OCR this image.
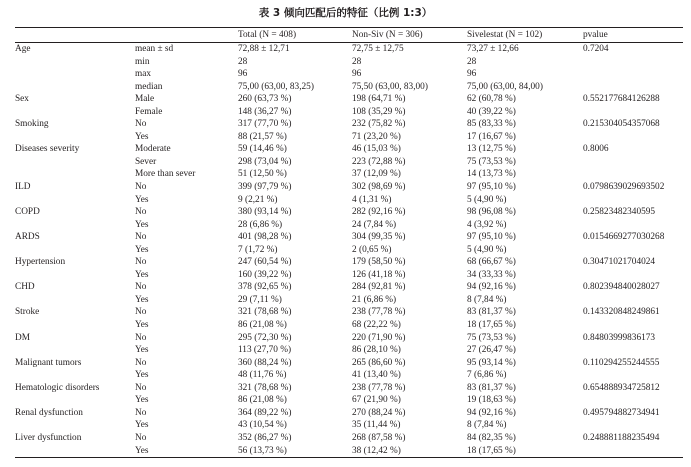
表 3 倾向匹配后的特征（比例 1:3）
		Total (N = 408)	Non-Siv (N = 306)	Sivelestat (N = 102)	pvalue
Age	mean ± sd	72,88 ± 12,71	72,75 ± 12,75	73,27 ± 12,66	0.7204
	min	28	28	28	
	max	96	96	96	
	median	75,00 (63,00, 83,25)	75,50 (63,00, 83,00)	75,00 (63,00, 84,00)	
Sex	Male	260 (63,73 %)	198 (64,71 %)	62 (60,78 %)	0.552177684126288
	Female	148 (36,27 %)	108 (35,29 %)	40 (39,22 %)	
Smoking	No	317 (77,70 %)	232 (75,82 %)	85 (83,33 %)	0.215304054357068
	Yes	88 (21,57 %)	71 (23,20 %)	17 (16,67 %)	
Diseases severity	Moderate	59 (14,46 %)	46 (15,03 %)	13 (12,75 %)	0.8006
	Sever	298 (73,04 %)	223 (72,88 %)	75 (73,53 %)	
	More than sever	51 (12,50 %)	37 (12,09 %)	14 (13,73 %)	
ILD	No	399 (97,79 %)	302 (98,69 %)	97 (95,10 %)	0.0798639029693502
	Yes	9 (2,21 %)	4 (1,31 %)	5 (4,90 %)	
COPD	No	380 (93,14 %)	282 (92,16 %)	98 (96,08 %)	0.25823482340595
	Yes	28 (6,86 %)	24 (7,84 %)	4 (3,92 %)	
ARDS	No	401 (98,28 %)	304 (99,35 %)	97 (95,10 %)	0.0154669277030268
	Yes	7 (1,72 %)	2 (0,65 %)	5 (4,90 %)	
Hypertension	No	247 (60,54 %)	179 (58,50 %)	68 (66,67 %)	0.30471021704024
	Yes	160 (39,22 %)	126 (41,18 %)	34 (33,33 %)	
CHD	No	378 (92,65 %)	284 (92,81 %)	94 (92,16 %)	0.802394840028027
	Yes	29 (7,11 %)	21 (6,86 %)	8 (7,84 %)	
Stroke	No	321 (78,68 %)	238 (77,78 %)	83 (81,37 %)	0.143320848249861
	Yes	86 (21,08 %)	68 (22,22 %)	18 (17,65 %)	
DM	No	295 (72,30 %)	220 (71,90 %)	75 (73,53 %)	0.84803999836173
	Yes	113 (27,70 %)	86 (28,10 %)	27 (26,47 %)	
Malignant tumors	No	360 (88,24 %)	265 (86,60 %)	95 (93,14 %)	0.110294255244555
	Yes	48 (11,76 %)	41 (13,40 %)	7 (6,86 %)	
Hematologic disorders	No	321 (78,68 %)	238 (77,78 %)	83 (81,37 %)	0.654888934725812
	Yes	86 (21,08 %)	67 (21,90 %)	19 (18,63 %)	
Renal dysfunction	No	364 (89,22 %)	270 (88,24 %)	94 (92,16 %)	0.495794882734941
	Yes	43 (10,54 %)	35 (11,44 %)	8 (7,84 %)	
Liver dysfunction	No	352 (86,27 %)	268 (87,58 %)	84 (82,35 %)	0.248881188235494
	Yes	56 (13,73 %)	38 (12,42 %)	18 (17,65 %)	
